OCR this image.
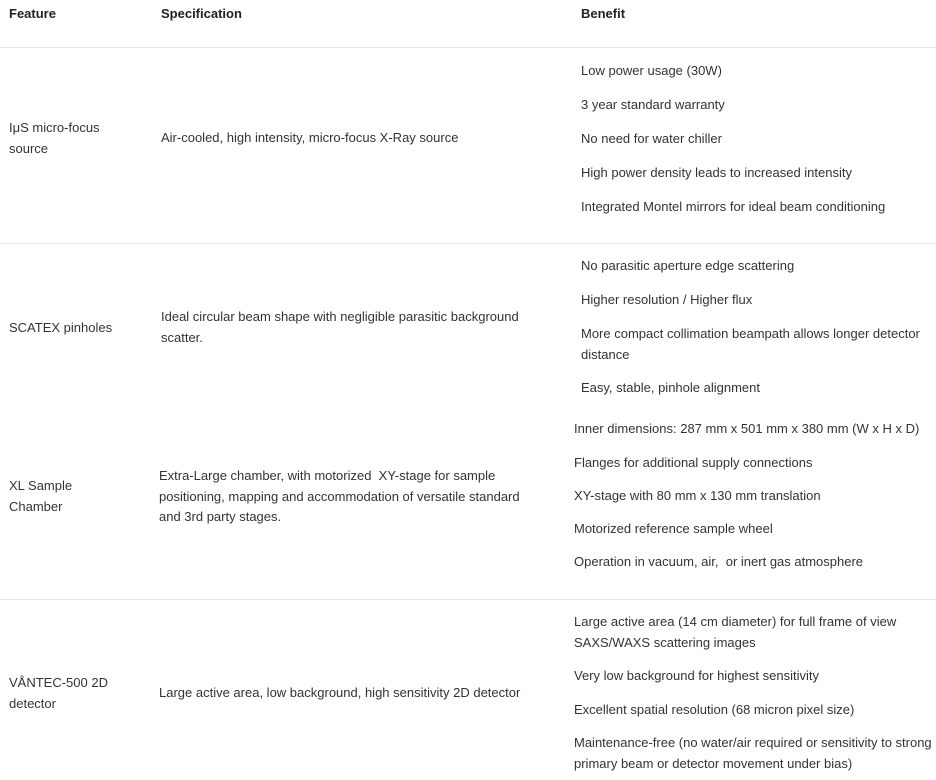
Feature	Specification	Benefit
IμS micro-focus
source
Air-cooled, high intensity, micro-focus X-Ray source
Low power usage (30W)
3 year standard warranty
No need for water chiller
High power density leads to increased intensity
Integrated Montel mirrors for ideal beam conditioning
SCATEX pinholes
Ideal circular beam shape with negligible parasitic background
scatter.
No parasitic aperture edge scattering
Higher resolution / Higher flux
More compact collimation beampath allows longer detector
distance
Easy, stable, pinhole alignment
XL Sample
Chamber
Extra-Large chamber, with motorized  XY-stage for sample
positioning, mapping and accommodation of versatile standard
and 3rd party stages.
Inner dimensions: 287 mm x 501 mm x 380 mm (W x H x D)
Flanges for additional supply connections
XY-stage with 80 mm x 130 mm translation
Motorized reference sample wheel
Operation in vacuum, air,  or inert gas atmosphere
VÅNTEC-500 2D
detector
Large active area, low background, high sensitivity 2D detector
Large active area (14 cm diameter) for full frame of view
SAXS/WAXS scattering images
Very low background for highest sensitivity
Excellent spatial resolution (68 micron pixel size)
Maintenance-free (no water/air required or sensitivity to strong
primary beam or detector movement under bias)
